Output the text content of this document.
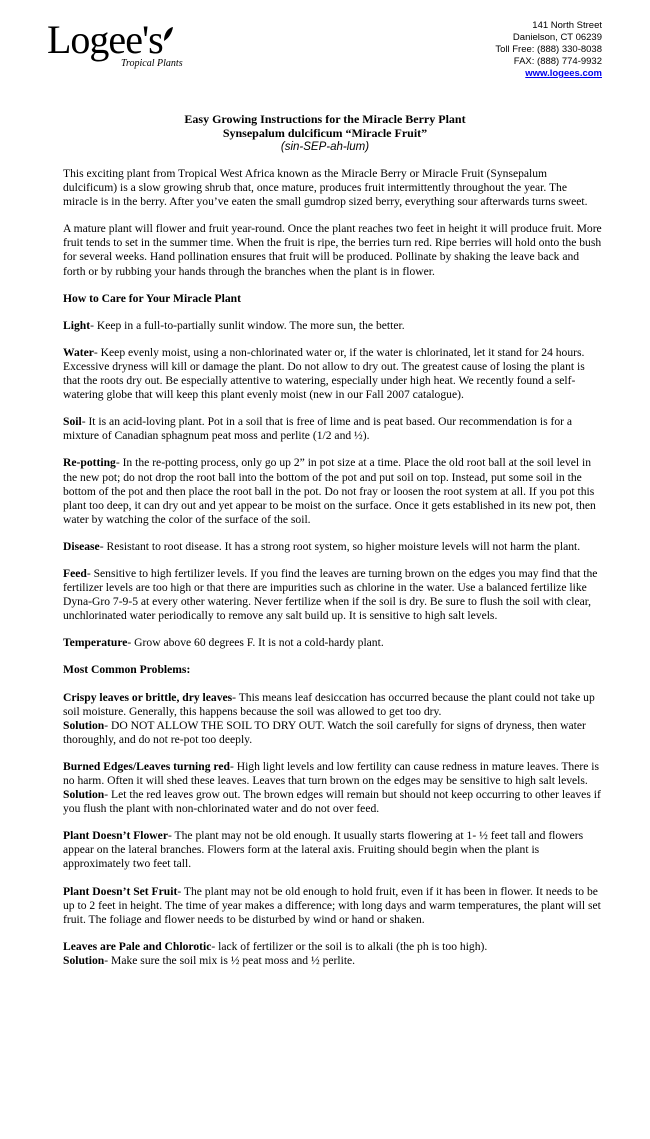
Logee's
Tropical Plants
141 North Street
Danielson, CT 06239
Toll Free: (888) 330-8038
FAX: (888) 774-9932
www.logees.com
Easy Growing Instructions for the Miracle Berry Plant
Synsepalum dulcificum “Miracle Fruit”
(sin-SEP-ah-lum)

This exciting plant from Tropical West Africa known as the Miracle Berry or Miracle Fruit (Synsepalum dulcificum) is a slow growing shrub that, once mature, produces fruit intermittently throughout the year. The miracle is in the berry. After you’ve eaten the small gumdrop sized berry, everything sour afterwards turns sweet.

A mature plant will flower and fruit year-round. Once the plant reaches two feet in height it will produce fruit. More fruit tends to set in the summer time. When the fruit is ripe, the berries turn red. Ripe berries will hold onto the bush for several weeks. Hand pollination ensures that fruit will be produced. Pollinate by shaking the leave back and forth or by rubbing your hands through the branches when the plant is in flower.

How to Care for Your Miracle Plant

Light- Keep in a full-to-partially sunlit window. The more sun, the better.

Water- Keep evenly moist, using a non-chlorinated water or, if the water is chlorinated, let it stand for 24 hours. Excessive dryness will kill or damage the plant. Do not allow to dry out. The greatest cause of losing the plant is that the roots dry out. Be especially attentive to watering, especially under high heat. We recently found a self-watering globe that will keep this plant evenly moist (new in our Fall 2007 catalogue).

Soil- It is an acid-loving plant. Pot in a soil that is free of lime and is peat based. Our recommendation is for a mixture of Canadian sphagnum peat moss and perlite (1/2 and ½).

Re-potting- In the re-potting process, only go up 2” in pot size at a time. Place the old root ball at the soil level in the new pot; do not drop the root ball into the bottom of the pot and put soil on top. Instead, put some soil in the bottom of the pot and then place the root ball in the pot. Do not fray or loosen the root system at all. If you pot this plant too deep, it can dry out and yet appear to be moist on the surface. Once it gets established in its new pot, then water by watching the color of the surface of the soil.

Disease- Resistant to root disease. It has a strong root system, so higher moisture levels will not harm the plant.

Feed- Sensitive to high fertilizer levels. If you find the leaves are turning brown on the edges you may find that the fertilizer levels are too high or that there are impurities such as chlorine in the water. Use a balanced fertilize like Dyna-Gro 7-9-5 at every other watering. Never fertilize when if the soil is dry. Be sure to flush the soil with clear, unchlorinated water periodically to remove any salt build up. It is sensitive to high salt levels.

Temperature- Grow above 60 degrees F. It is not a cold-hardy plant.

Most Common Problems:

Crispy leaves or brittle, dry leaves- This means leaf desiccation has occurred because the plant could not take up soil moisture. Generally, this happens because the soil was allowed to get too dry.
Solution- DO NOT ALLOW THE SOIL TO DRY OUT. Watch the soil carefully for signs of dryness, then water thoroughly, and do not re-pot too deeply.

Burned Edges/Leaves turning red- High light levels and low fertility can cause redness in mature leaves. There is no harm. Often it will shed these leaves. Leaves that turn brown on the edges may be sensitive to high salt levels.
Solution- Let the red leaves grow out. The brown edges will remain but should not keep occurring to other leaves if you flush the plant with non-chlorinated water and do not over feed.

Plant Doesn’t Flower- The plant may not be old enough. It usually starts flowering at 1- ½ feet tall and flowers appear on the lateral branches. Flowers form at the lateral axis. Fruiting should begin when the plant is approximately two feet tall.

Plant Doesn’t Set Fruit- The plant may not be old enough to hold fruit, even if it has been in flower. It needs to be up to 2 feet in height. The time of year makes a difference; with long days and warm temperatures, the plant will set fruit. The foliage and flower needs to be disturbed by wind or hand or shaken.

Leaves are Pale and Chlorotic- lack of fertilizer or the soil is to alkali (the ph is too high).
Solution- Make sure the soil mix is ½ peat moss and ½ perlite.
